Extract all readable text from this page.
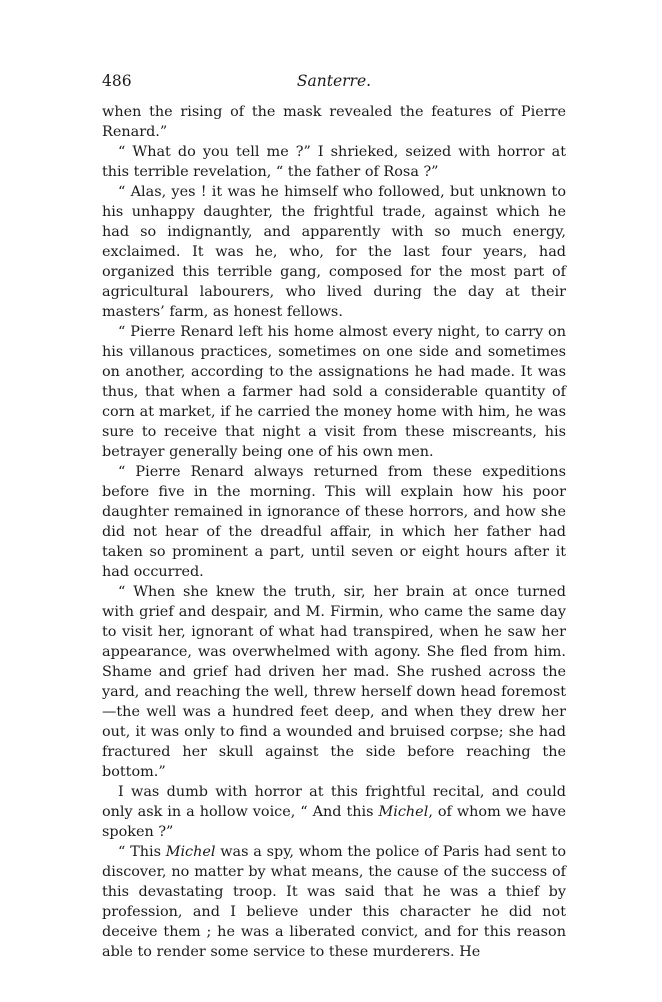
486	Santerre.

when the rising of the mask revealed the features of Pierre Renard.”

“ What do you tell me ?” I shrieked, seized with horror at this terrible revelation, “ the father of Rosa ?”

“ Alas, yes ! it was he himself who followed, but unknown to his unhappy daughter, the frightful trade, against which he had so indignantly, and apparently with so much energy, exclaimed. It was he, who, for the last four years, had organized this terrible gang, composed for the most part of agricultural labourers, who lived during the day at their masters’ farm, as honest fellows.

“ Pierre Renard left his home almost every night, to carry on his villanous practices, sometimes on one side and sometimes on another, according to the assignations he had made. It was thus, that when a farmer had sold a considerable quantity of corn at market, if he carried the money home with him, he was sure to receive that night a visit from these miscreants, his betrayer generally being one of his own men.

“ Pierre Renard always returned from these expeditions before five in the morning. This will explain how his poor daughter remained in ignorance of these horrors, and how she did not hear of the dreadful affair, in which her father had taken so prominent a part, until seven or eight hours after it had occurred.

“ When she knew the truth, sir, her brain at once turned with grief and despair, and M. Firmin, who came the same day to visit her, ignorant of what had transpired, when he saw her appearance, was overwhelmed with agony. She fled from him. Shame and grief had driven her mad. She rushed across the yard, and reaching the well, threw herself down head foremost—the well was a hundred feet deep, and when they drew her out, it was only to find a wounded and bruised corpse; she had fractured her skull against the side before reaching the bottom.”

I was dumb with horror at this frightful recital, and could only ask in a hollow voice, “ And this Michel, of whom we have spoken ?”

“ This Michel was a spy, whom the police of Paris had sent to discover, no matter by what means, the cause of the success of this devastating troop. It was said that he was a thief by profession, and I believe under this character he did not deceive them ; he was a liberated convict, and for this reason able to render some service to these murderers. He
